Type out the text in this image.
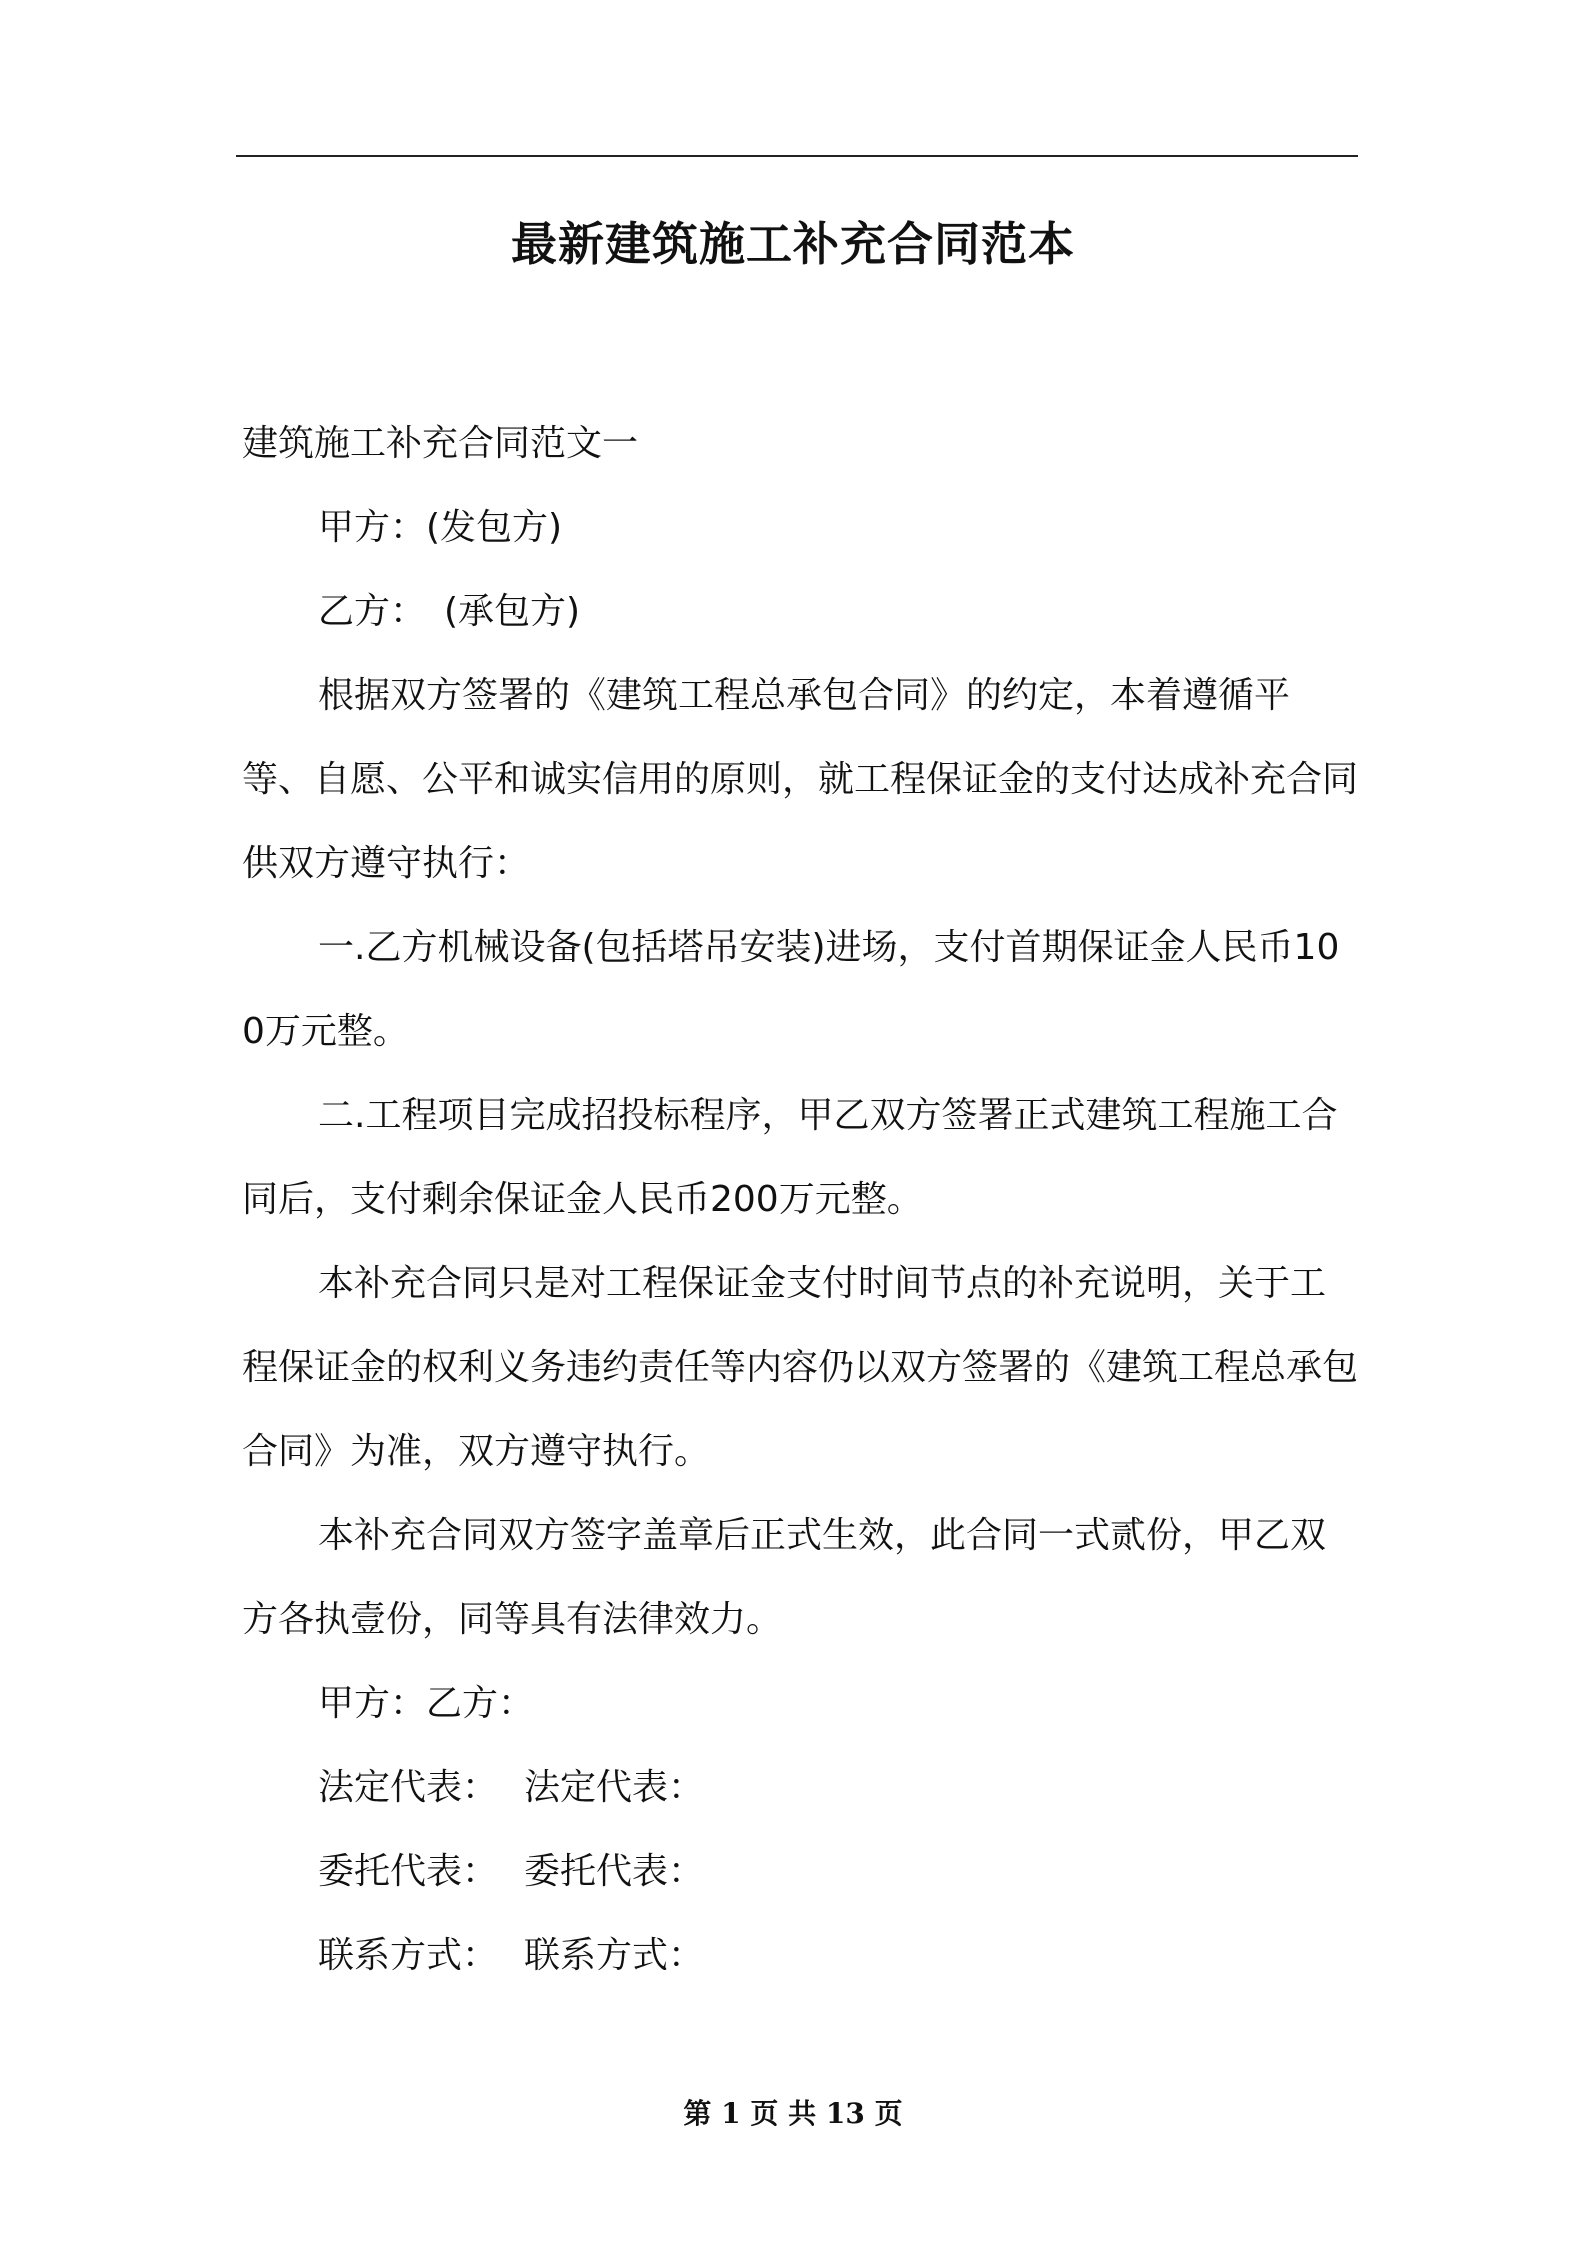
最新建筑施工补充合同范本

建筑施工补充合同范文一

甲方：(发包方)

乙方：　(承包方)

根据双方签署的《建筑工程总承包合同》的约定，本着遵循平等、自愿、公平和诚实信用的原则，就工程保证金的支付达成补充合同供双方遵守执行：

一.乙方机械设备(包括塔吊安装)进场，支付首期保证金人民币100万元整。

二.工程项目完成招投标程序，甲乙双方签署正式建筑工程施工合同后，支付剩余保证金人民币200万元整。

本补充合同只是对工程保证金支付时间节点的补充说明，关于工程保证金的权利义务违约责任等内容仍以双方签署的《建筑工程总承包合同》为准，双方遵守执行。

本补充合同双方签字盖章后正式生效，此合同一式贰份，甲乙双方各执壹份，同等具有法律效力。

甲方：乙方：

法定代表： 法定代表：

委托代表： 委托代表：

联系方式： 联系方式：

第 1 页 共 13 页
